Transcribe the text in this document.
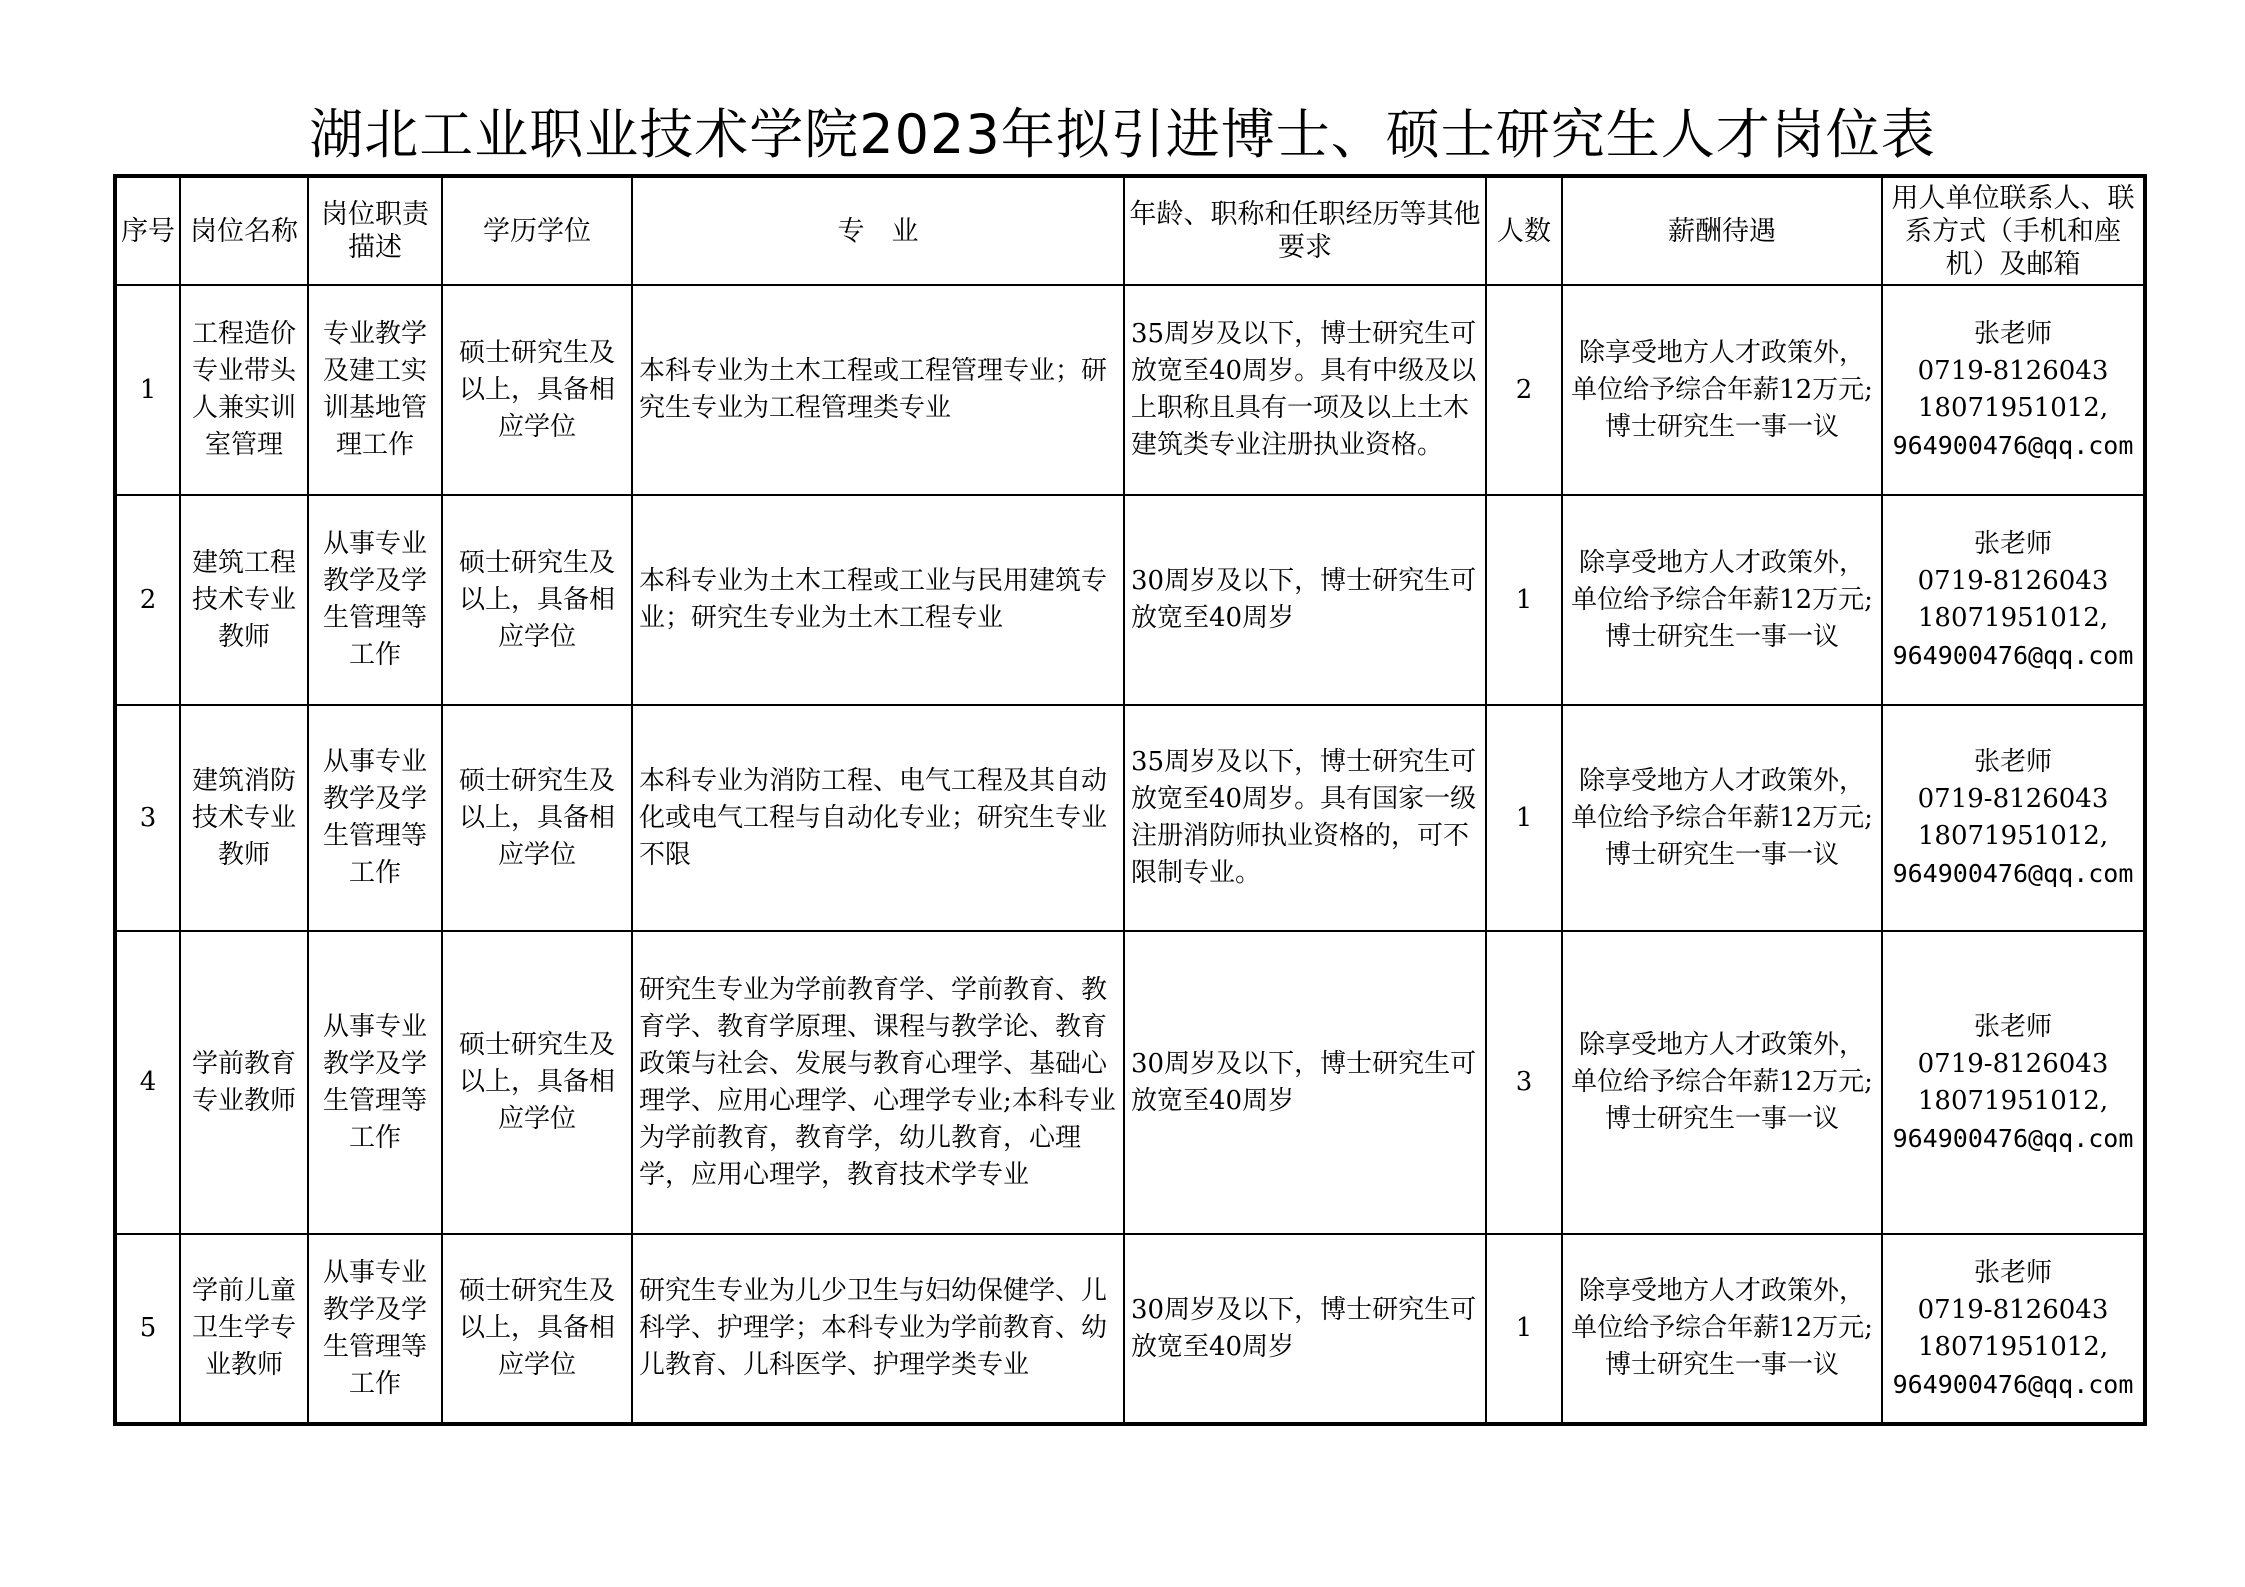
湖北工业职业技术学院2023年拟引进博士、硕士研究生人才岗位表
序号	岗位名称	岗位职责描述	学历学位	专　业	年龄、职称和任职经历等其他要求	人数	薪酬待遇	用人单位联系人、联系方式（手机和座机）及邮箱
1	工程造价专业带头人兼实训室管理	专业教学及建工实训基地管理工作	硕士研究生及以上，具备相应学位	本科专业为土木工程或工程管理专业；研究生专业为工程管理类专业	35周岁及以下，博士研究生可放宽至40周岁。具有中级及以上职称且具有一项及以上土木建筑类专业注册执业资格。	2	除享受地方人才政策外，单位给予综合年薪12万元;博士研究生一事一议	张老师
0719-8126043
18071951012,
964900476@qq.com

2	建筑工程技术专业教师	从事专业教学及学生管理等工作	硕士研究生及以上，具备相应学位	本科专业为土木工程或工业与民用建筑专业；研究生专业为土木工程专业	30周岁及以下，博士研究生可放宽至40周岁	1	除享受地方人才政策外，单位给予综合年薪12万元;博士研究生一事一议	张老师
0719-8126043
18071951012,
964900476@qq.com

3	建筑消防技术专业教师	从事专业教学及学生管理等工作	硕士研究生及以上，具备相应学位	本科专业为消防工程、电气工程及其自动化或电气工程与自动化专业；研究生专业不限	35周岁及以下，博士研究生可放宽至40周岁。具有国家一级注册消防师执业资格的，可不限制专业。	1	除享受地方人才政策外，单位给予综合年薪12万元;博士研究生一事一议	张老师
0719-8126043
18071951012,
964900476@qq.com

4	学前教育专业教师	从事专业教学及学生管理等工作	硕士研究生及以上，具备相应学位	研究生专业为学前教育学、学前教育、教育学、教育学原理、课程与教学论、教育政策与社会、发展与教育心理学、基础心理学、应用心理学、心理学专业;本科专业为学前教育，教育学，幼儿教育，心理学，应用心理学，教育技术学专业	30周岁及以下，博士研究生可放宽至40周岁	3	除享受地方人才政策外，单位给予综合年薪12万元;博士研究生一事一议	张老师
0719-8126043
18071951012,
964900476@qq.com

5	学前儿童卫生学专业教师	从事专业教学及学生管理等工作	硕士研究生及以上，具备相应学位	研究生专业为儿少卫生与妇幼保健学、儿科学、护理学；本科专业为学前教育、幼儿教育、儿科医学、护理学类专业	30周岁及以下，博士研究生可放宽至40周岁	1	除享受地方人才政策外，单位给予综合年薪12万元;博士研究生一事一议	张老师
0719-8126043
18071951012,
964900476@qq.com
